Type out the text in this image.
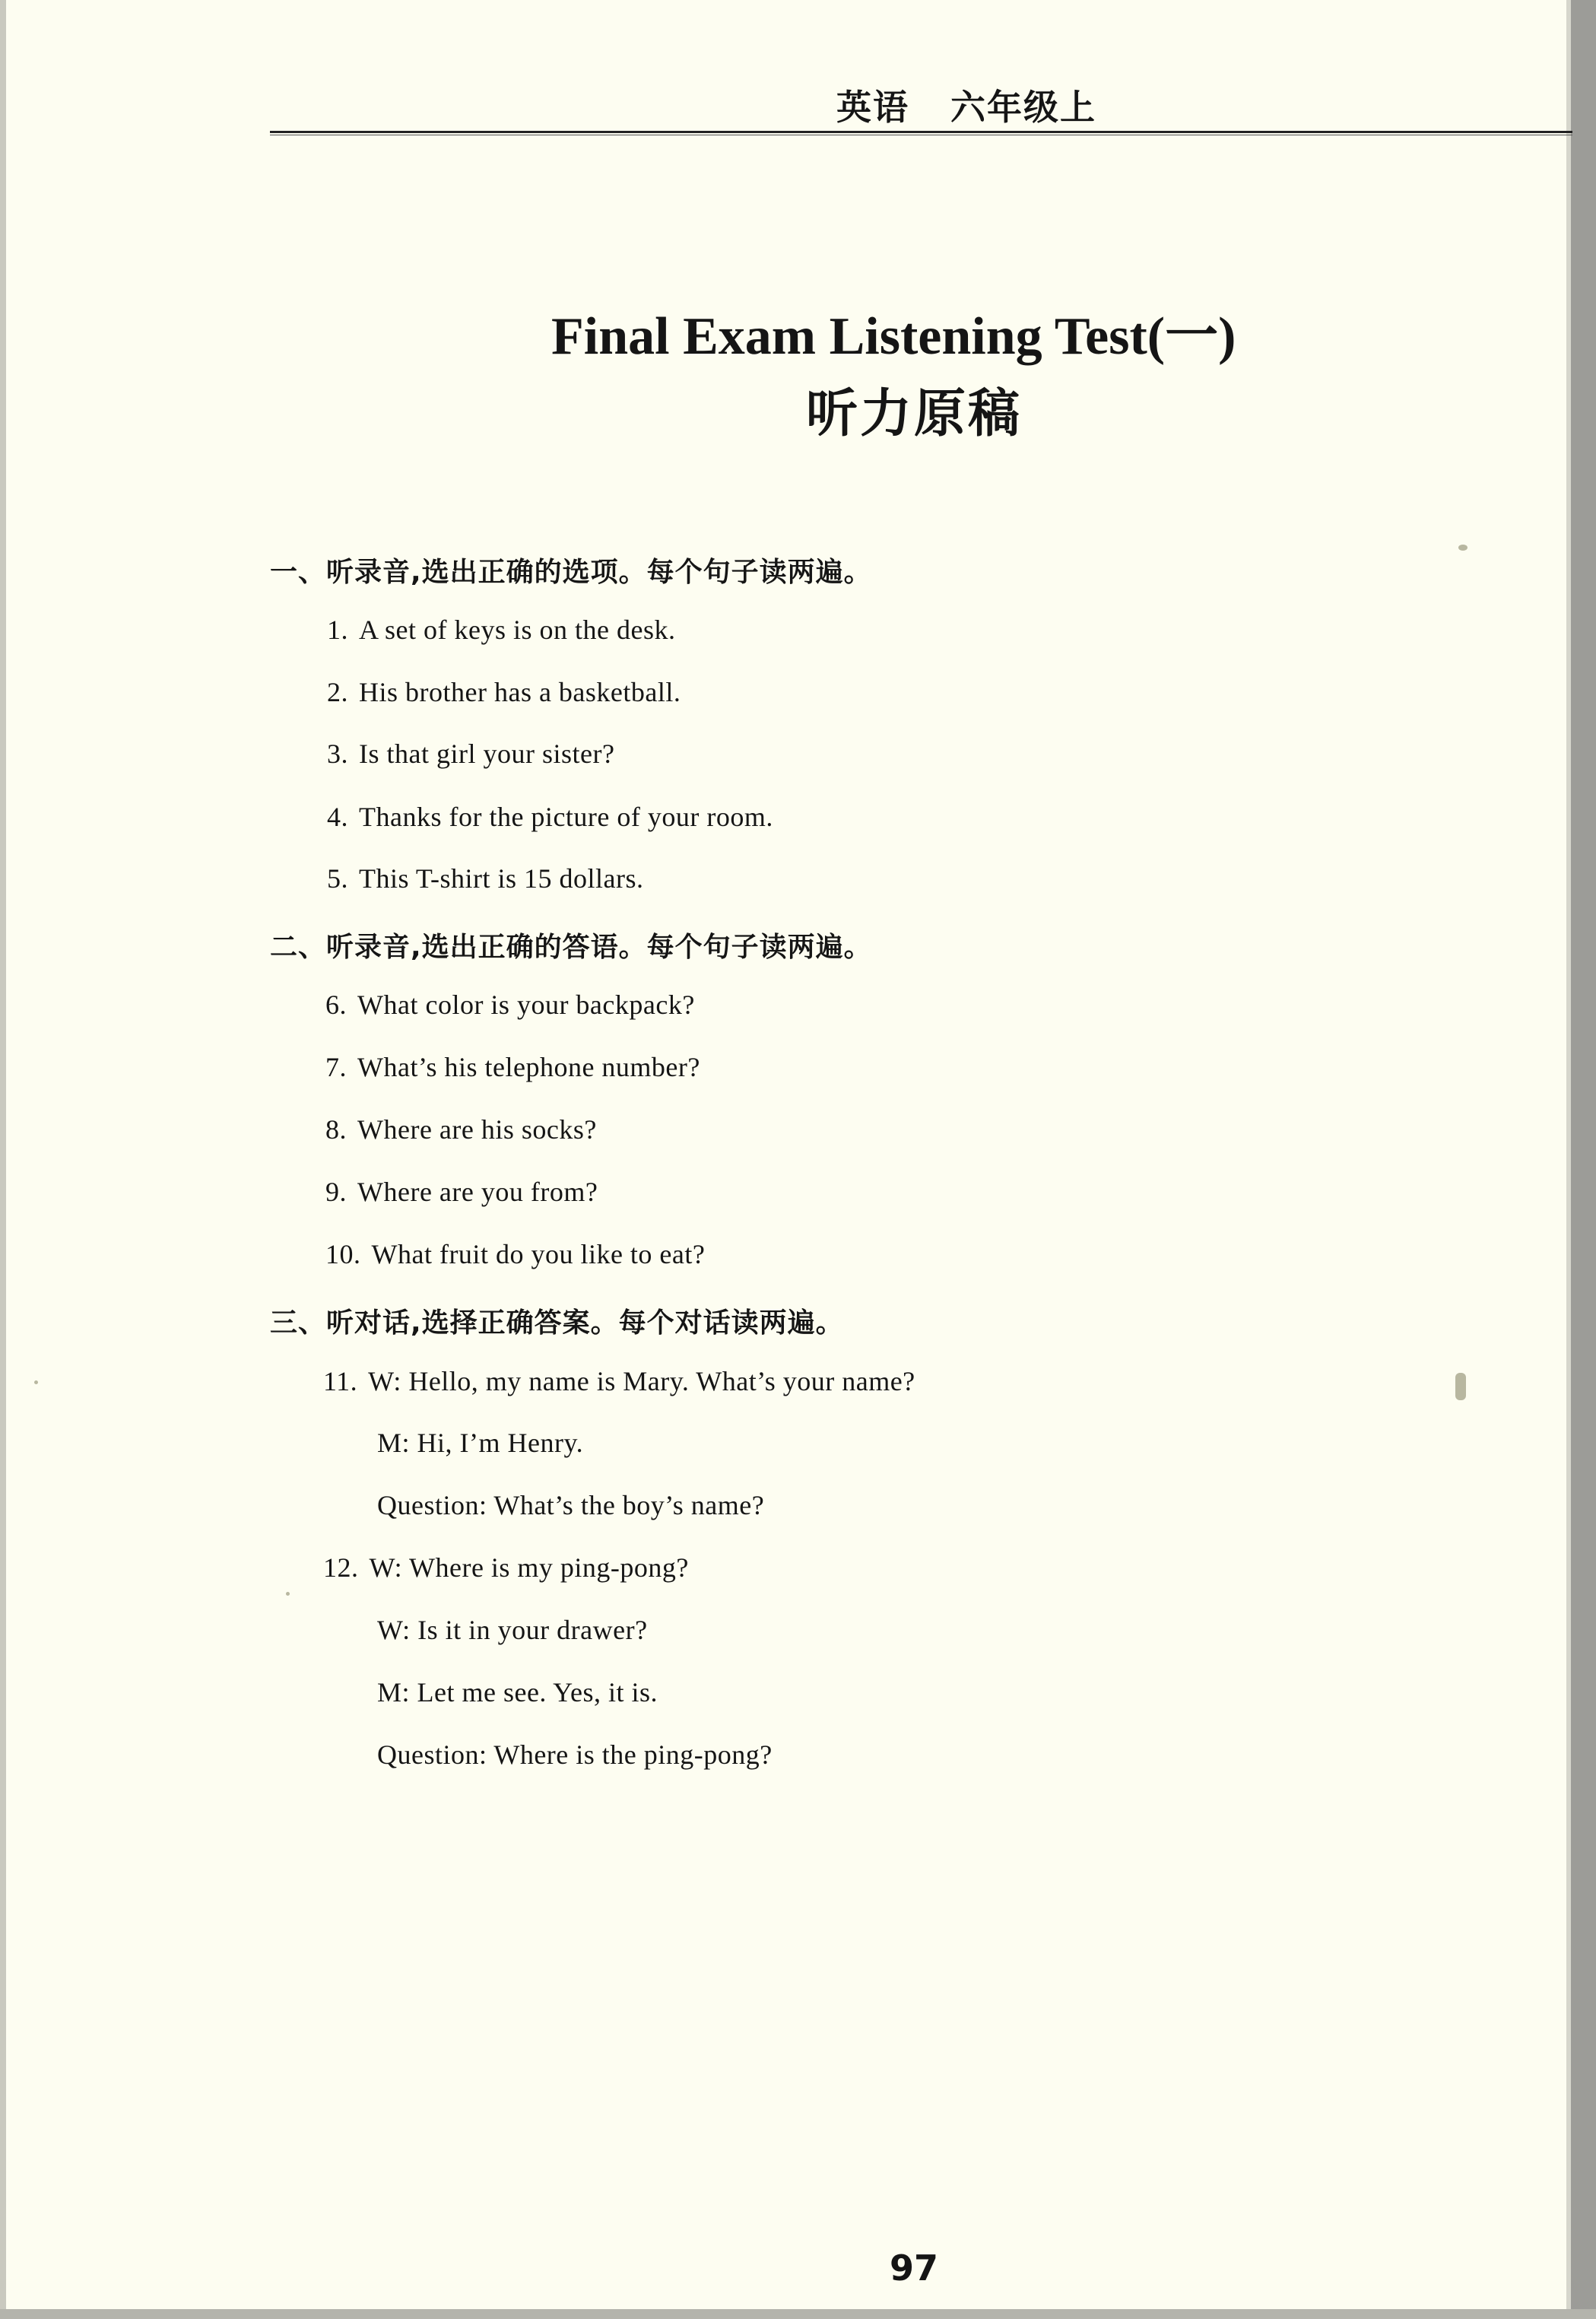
英语   六年级上
Final Exam Listening Test(一)
听力原稿
一、听录音,选出正确的选项。每个句子读两遍。
1. A set of keys is on the desk.
2. His brother has a basketball.
3. Is that girl your sister?
4. Thanks for the picture of your room.
5. This T-shirt is 15 dollars.
二、听录音,选出正确的答语。每个句子读两遍。
6. What color is your backpack?
7. What’s his telephone number?
8. Where are his socks?
9. Where are you from?
10. What fruit do you like to eat?
三、听对话,选择正确答案。每个对话读两遍。
11. W: Hello, my name is Mary. What’s your name?
M: Hi, I’m Henry.
Question: What’s the boy’s name?
12. W: Where is my ping-pong?
W: Is it in your drawer?
M: Let me see. Yes, it is.
Question: Where is the ping-pong?
97
